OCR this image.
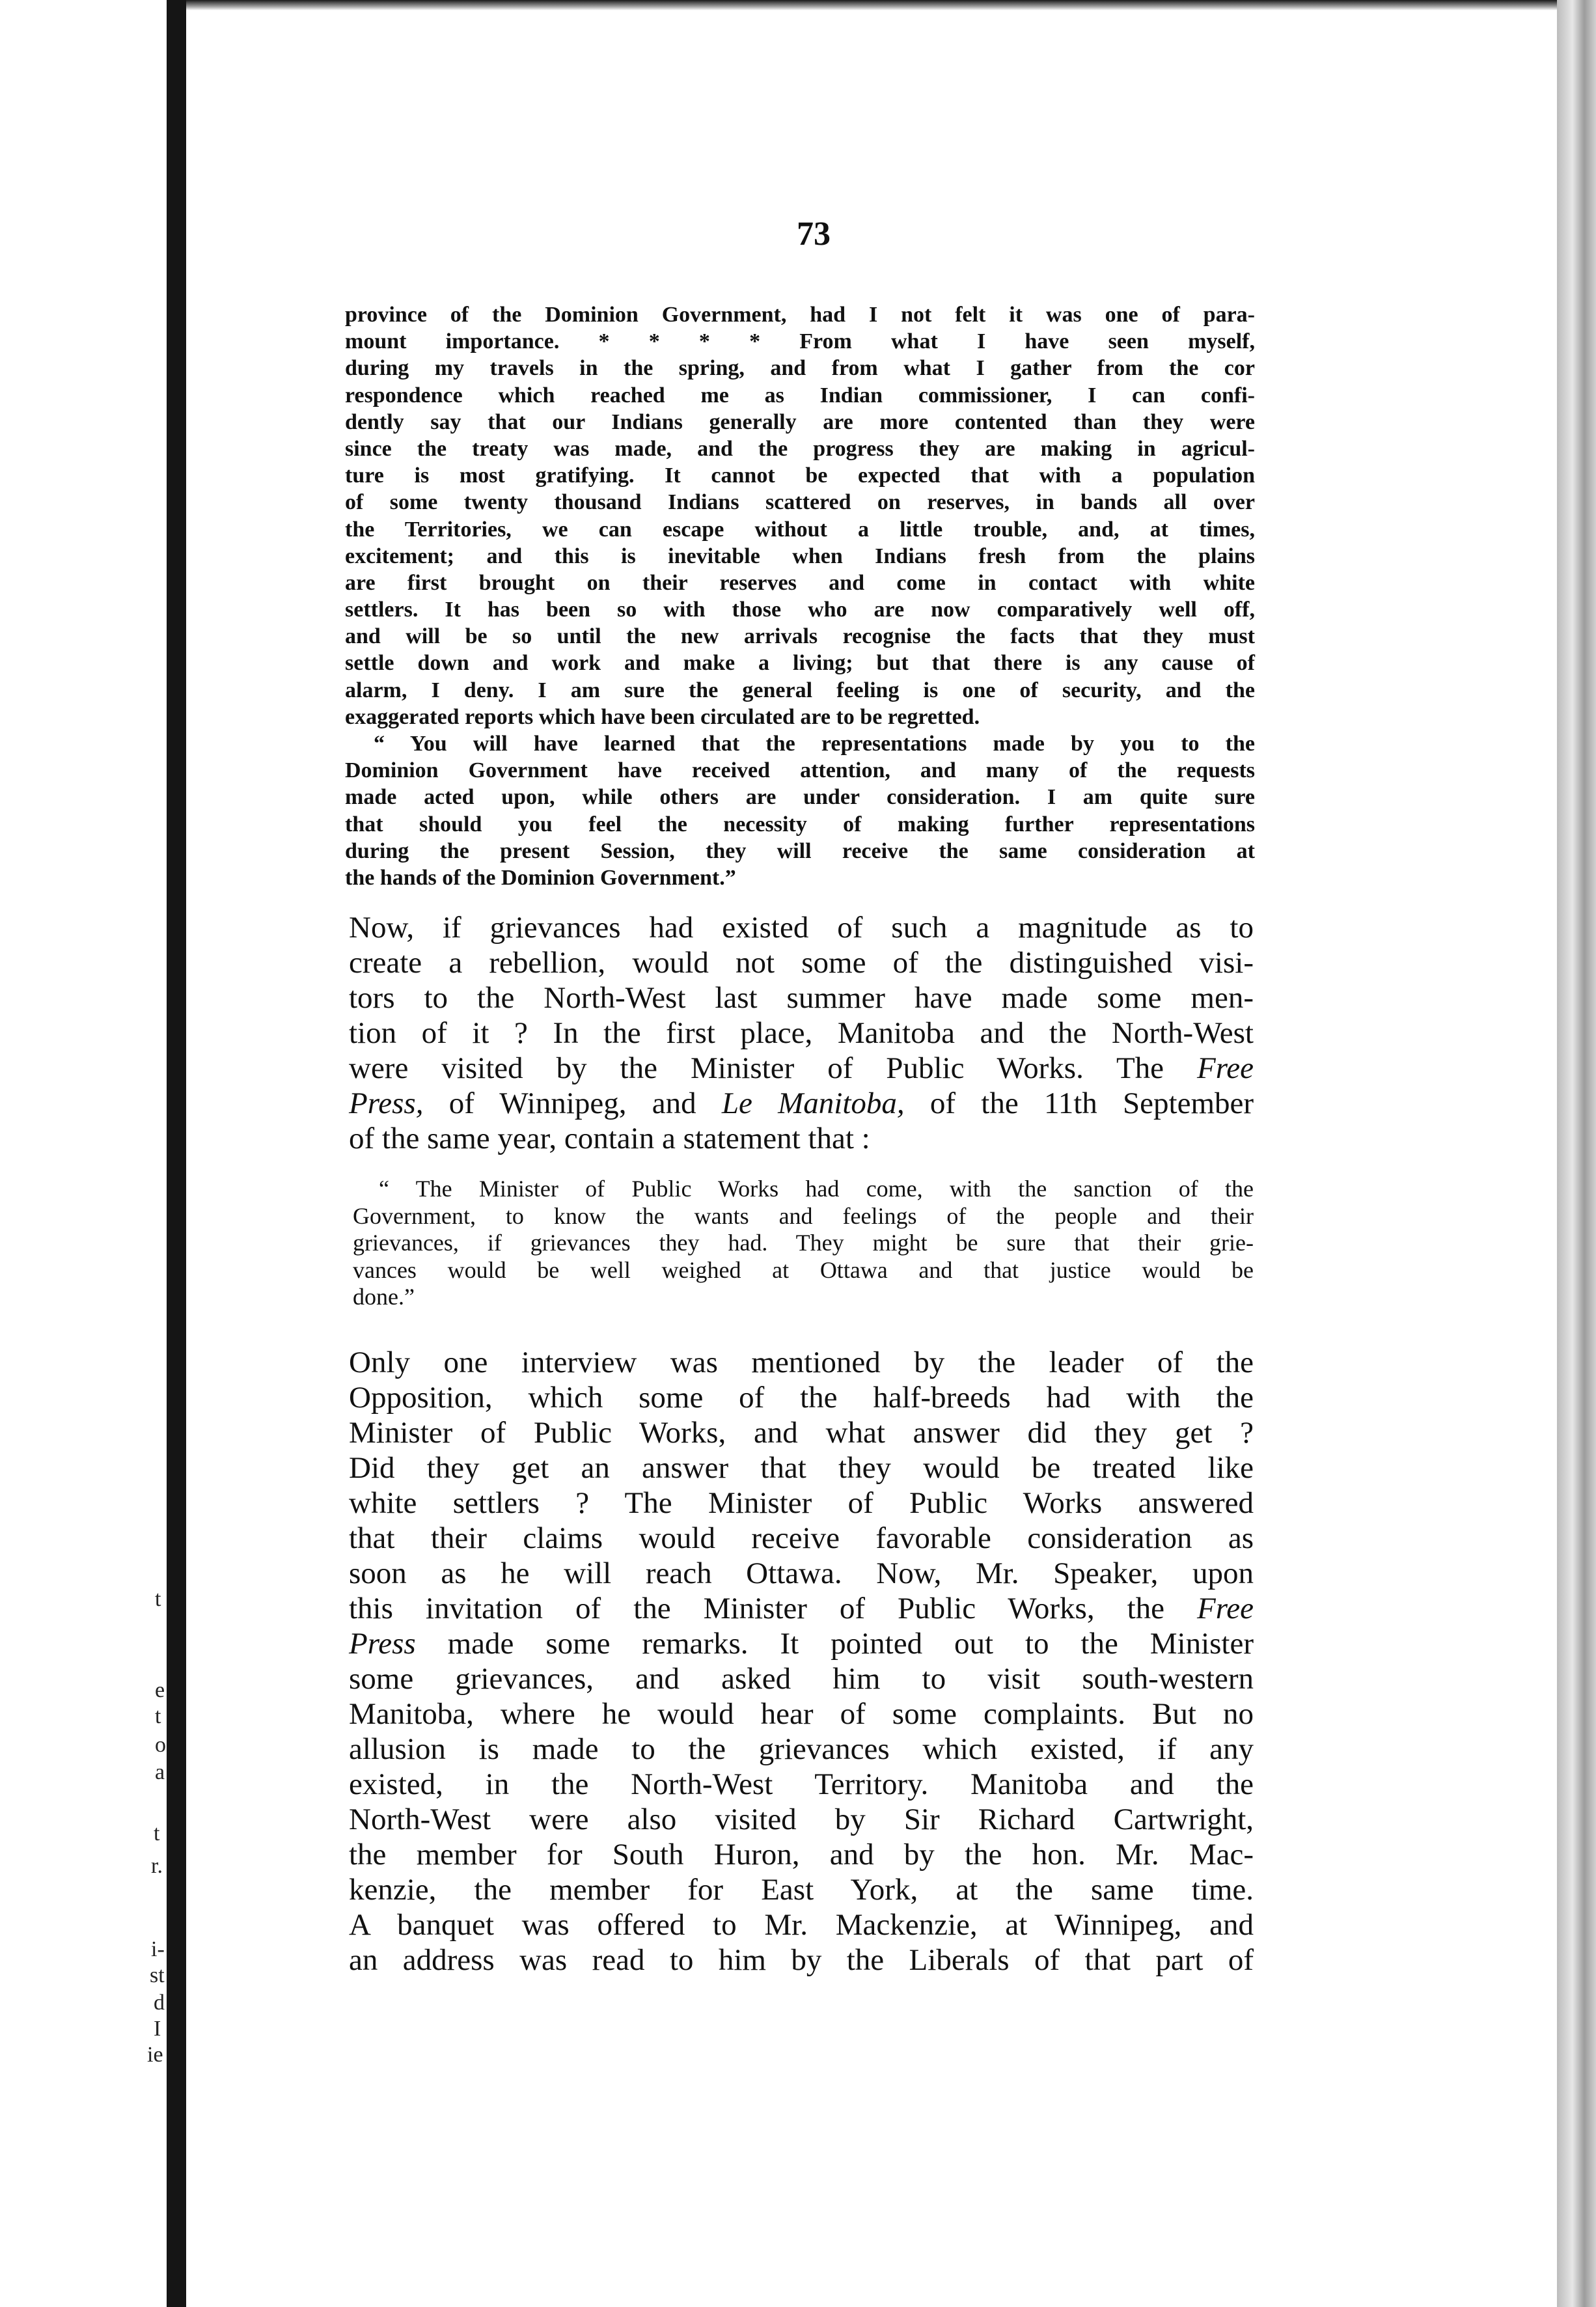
t
e
t
o
a
t
r.
i-
st
d
I
ie
73
province of the Dominion Government, had I not felt it was one of para-
mount importance. * * * * From what I have seen myself,
during my travels in the spring, and from what I gather from the cor
respondence which reached me as Indian commissioner, I can confi-
dently say that our Indians generally are more contented than they were
since the treaty was made, and the progress they are making in agricul-
ture is most gratifying. It cannot be expected that with a population
of some twenty thousand Indians scattered on reserves, in bands all over
the Territories, we can escape without a little trouble, and, at times,
excitement; and this is inevitable when Indians fresh from the plains
are first brought on their reserves and come in contact with white
settlers. It has been so with those who are now comparatively well off,
and will be so until the new arrivals recognise the facts that they must
settle down and work and make a living; but that there is any cause of
alarm, I deny. I am sure the general feeling is one of security, and the
exaggerated reports which have been circulated are to be regretted.
“ You will have learned that the representations made by you to the
Dominion Government have received attention, and many of the requests
made acted upon, while others are under consideration. I am quite sure
that should you feel the necessity of making further representations
during the present Session, they will receive the same consideration at
the hands of the Dominion Government.”
Now, if grievances had existed of such a magnitude as to
create a rebellion, would not some of the distinguished visi-
tors to the North-West last summer have made some men-
tion of it ? In the first place, Manitoba and the North-West
were visited by the Minister of Public Works. The Free
Press, of Winnipeg, and Le Manitoba, of the 11th September
of the same year, contain a statement that :
“ The Minister of Public Works had come, with the sanction of the
Government, to know the wants and feelings of the people and their
grievances, if grievances they had. They might be sure that their grie-
vances would be well weighed at Ottawa and that justice would be
done.”
Only one interview was mentioned by the leader of the
Opposition, which some of the half-breeds had with the
Minister of Public Works, and what answer did they get ?
Did they get an answer that they would be treated like
white settlers ? The Minister of Public Works answered
that their claims would receive favorable consideration as
soon as he will reach Ottawa. Now, Mr. Speaker, upon
this invitation of the Minister of Public Works, the Free
Press made some remarks. It pointed out to the Minister
some grievances, and asked him to visit south-western
Manitoba, where he would hear of some complaints. But no
allusion is made to the grievances which existed, if any
existed, in the North-West Territory. Manitoba and the
North-West were also visited by Sir Richard Cartwright,
the member for South Huron, and by the hon. Mr. Mac-
kenzie, the member for East York, at the same time.
A banquet was offered to Mr. Mackenzie, at Winnipeg, and
an address was read to him by the Liberals of that part of
